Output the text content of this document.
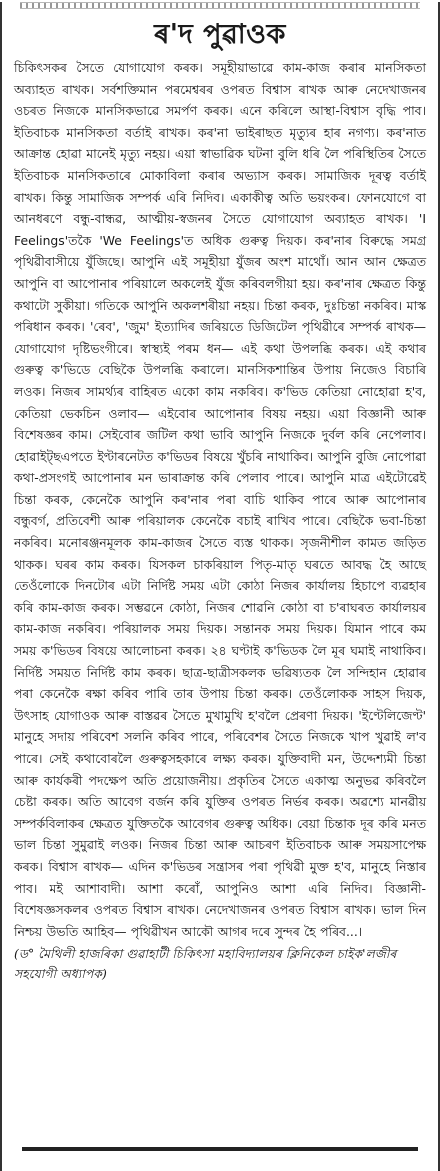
ৰ'দ পুৱাওক

চিকিৎসকৰ সৈতে যোগাযোগ কৰক। সমূহীয়াভাৱে কাম-কাজ কৰাৰ মানসিকতা অব্যাহত ৰাখক। সৰ্বশক্তিমান পৰমেশ্বৰৰ ওপৰত বিশ্বাস ৰাখক আৰু নেদেখাজনৰ ওচৰত নিজকে মানসিকভাৱে সমৰ্পণ কৰক। এনে কৰিলে আস্থা-বিশ্বাস বৃদ্ধি পাব। ইতিবাচক মানসিকতা বৰ্তাই ৰাখক। কৰ'না ভাইৰাছত মৃত্যুৰ হাৰ নগণ্য। কৰ'নাত আক্ৰান্ত হোৱা মানেই মৃত্যু নহয়। এয়া স্বাভাৱিক ঘটনা বুলি ধৰি লৈ পৰিস্থিতিৰ সৈতে ইতিবাচক মানসিকতাৰে মোকাবিলা কৰাৰ অভ্যাস কৰক। সামাজিক দূৰত্ব বৰ্তাই ৰাখক। কিন্তু সামাজিক সম্পৰ্ক এৰি নিদিব। একাকীত্ব অতি ভয়ংকৰ। ফোনযোগে বা আনধৰণে বন্ধু-বান্ধৱ, আত্মীয়-স্বজনৰ সৈতে যোগাযোগ অব্যাহত ৰাখক। 'I Feelings'তকৈ 'We Feelings'ত অধিক গুৰুত্ব দিয়ক। কৰ'নাৰ বিৰুদ্ধে সমগ্ৰ পৃথিৱীবাসীয়ে যুঁজিছে। আপুনি এই সমূহীয়া যুঁজৰ অংশ মাথোঁ। আন আন ক্ষেত্ৰত আপুনি বা আপোনাৰ পৰিয়ালে অকলেই যুঁজ কৰিবলগীয়া হয়। কৰ'নাৰ ক্ষেত্ৰত কিন্তু কথাটো সুকীয়া। গতিকে আপুনি অকলশৰীয়া নহয়। চিন্তা কৰক, দুঃচিন্তা নকৰিব। মাস্ক পৰিধান কৰক। 'ৰেব', 'জুম' ইত্যাদিৰ জৰিয়তে ডিজিটেল পৃথিৱীৰে সম্পৰ্ক ৰাখক— যোগাযোগ দৃষ্টিভংগীৰে। স্বাস্থ্যই পৰম ধন— এই কথা উপলব্ধি কৰক। এই কথাৰ গুৰুত্ব ক'ভিডে বেছিকৈ উপলব্ধি কৰালে। মানসিকশান্তিৰ উপায় নিজেও বিচাৰি লওক। নিজৰ সামৰ্থ্যৰ বাহিৰত একো কাম নকৰিব। ক'ভিড কেতিয়া নোহোৱা হ'ব, কেতিয়া ভেকচিন ওলাব— এইবোৰ আপোনাৰ বিষয় নহয়। এয়া বিজ্ঞানী আৰু বিশেষজ্ঞৰ কাম। সেইবোৰ জটিল কথা ভাবি আপুনি নিজকে দুৰ্বল কৰি নেপেলাব। হোৱাইট্‌ছএপতে ইণ্টাৰনেটত ক'ভিডৰ বিষয়ে খুঁচৰি নাথাকিব। আপুনি বুজি নোপোৱা কথা-প্ৰসংগই আপোনাৰ মন ভাৰাক্ৰান্ত কৰি পেলাব পাৰে। আপুনি মাত্ৰ এইটোৱেই চিন্তা কৰক, কেনেকৈ আপুনি কৰ'নাৰ পৰা বাচি থাকিব পাৰে আৰু আপোনাৰ বন্ধুবৰ্গ, প্ৰতিবেশী আৰু পৰিয়ালক কেনেকৈ বচাই ৰাখিব পাৰে। বেছিকৈ ভবা-চিন্তা নকৰিব। মনোৰঞ্জনমূলক কাম-কাজৰ সৈতে ব্যস্ত থাকক। সৃজনীশীল কামত জড়িত থাকক। ঘৰৰ কাম কৰক। যিসকল চাকৰিয়াল পিতৃ-মাতৃ ঘৰতে আবদ্ধ হৈ আছে তেওঁলোকে দিনটোৰ এটা নিৰ্দিষ্ট সময় এটা কোঠা নিজৰ কাৰ্যালয় হিচাপে ব্যৱহাৰ কৰি কাম-কাজ কৰক। সম্ভৱনে কোঠা, নিজৰ শোৱনি কোঠা বা চ'ৰাঘৰত কাৰ্যালয়ৰ কাম-কাজ নকৰিব। পৰিয়ালক সময় দিয়ক। সন্তানক সময় দিয়ক। যিমান পাৰে কম সময় ক'ভিডৰ বিষয়ে আলোচনা কৰক। ২৪ ঘণ্টাই ক'ভিডক লৈ মূৰ ঘমাই নাথাকিব। নিৰ্দিষ্ট সময়ত নিৰ্দিষ্ট কাম কৰক। ছাত্ৰ-ছাত্ৰীসকলক ভৱিষ্যতক লৈ সন্দিহান হোৱাৰ পৰা কেনেকৈ ৰক্ষা কৰিব পাৰি তাৰ উপায় চিন্তা কৰক। তেওঁলোকক সাহস দিয়ক, উৎসাহ যোগাওক আৰু বাস্তৱৰ সৈতে মুখামুখি হ'বলৈ প্ৰেৰণা দিয়ক। 'ইণ্টেলিজেণ্ট' মানুহে সদায় পৰিবেশ সলনি কৰিব পাৰে, পৰিবেশৰ সৈতে নিজকে খাপ খুৱাই ল'ব পাৰে। সেই কথাবোৰলৈ গুৰুত্বসহকাৰে লক্ষ্য কৰক। যুক্তিবাদী মন, উদ্দেশ্যমী চিন্তা আৰু কাৰ্যকৰী পদক্ষেপ অতি প্ৰয়োজনীয়। প্ৰকৃতিৰ সৈতে একাত্ম অনুভৱ কৰিবলৈ চেষ্টা কৰক। অতি আবেগ বৰ্জন কৰি যুক্তিৰ ওপৰত নিৰ্ভৰ কৰক। অৱশ্যে মানৱীয় সম্পৰ্কবিলাকৰ ক্ষেত্ৰত যুক্তিতকৈ আবেগৰ গুৰুত্ব অধিক। বেয়া চিন্তাক দূৰ কৰি মনত ভাল চিন্তা সুমুৱাই লওক। নিজৰ চিন্তা আৰু আচৰণ ইতিবাচক আৰু সময়সাপেক্ষ কৰক। বিশ্বাস ৰাখক— এদিন ক'ভিডৰ সন্ত্ৰাসৰ পৰা পৃথিৱী মুক্ত হ'ব, মানুহে নিস্তাৰ পাব। মই আশাবাদী। আশা কৰোঁ, আপুনিও আশা এৰি নিদিব। বিজ্ঞানী-বিশেষজ্ঞসকলৰ ওপৰত বিশ্বাস ৰাখক। নেদেখাজনৰ ওপৰত বিশ্বাস ৰাখক। ভাল দিন নিশ্চয় উভতি আহিব— পৃথিৱীখন আকৌ আগৰ দৰে সুন্দৰ হৈ পৰিব...।

(ড° মৈথিলী হাজৰিকা গুৱাহাটী চিকিৎসা মহাবিদ্যালয়ৰ ক্লিনিকেল চাইক'লজীৰ সহযোগী অধ্যাপক)
